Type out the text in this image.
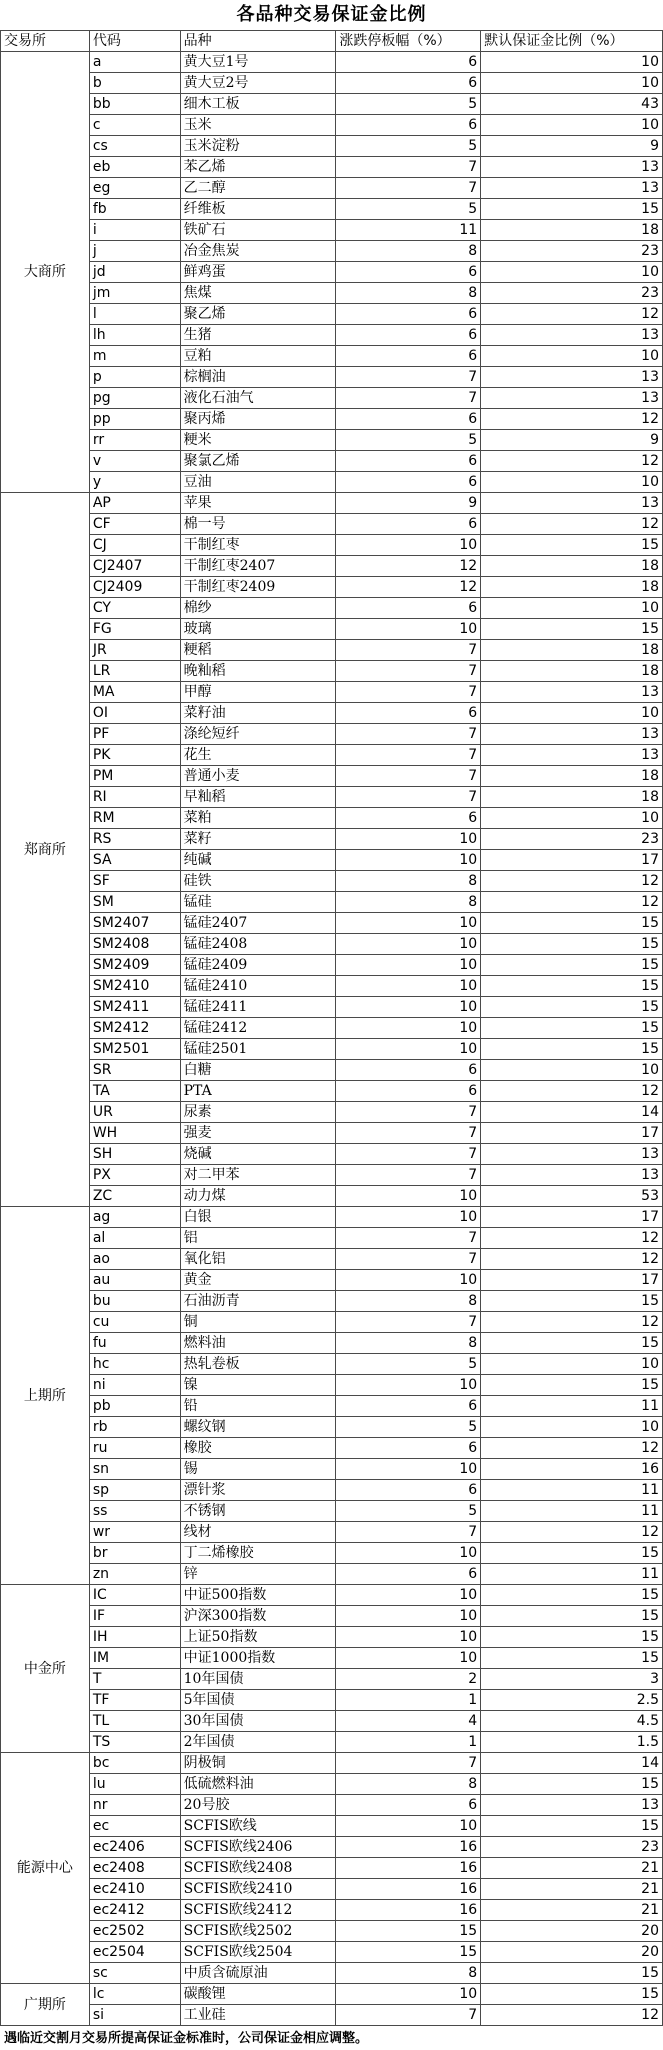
各品种交易保证金比例
交易所	代码	品种	涨跌停板幅（%）	默认保证金比例（%）
大商所	a	黄大豆1号	6	10
	b	黄大豆2号	6	10
	bb	细木工板	5	43
	c	玉米	6	10
	cs	玉米淀粉	5	9
	eb	苯乙烯	7	13
	eg	乙二醇	7	13
	fb	纤维板	5	15
	i	铁矿石	11	18
	j	冶金焦炭	8	23
	jd	鲜鸡蛋	6	10
	jm	焦煤	8	23
	l	聚乙烯	6	12
	lh	生猪	6	13
	m	豆粕	6	10
	p	棕榈油	7	13
	pg	液化石油气	7	13
	pp	聚丙烯	6	12
	rr	粳米	5	9
	v	聚氯乙烯	6	12
	y	豆油	6	10
郑商所	AP	苹果	9	13
	CF	棉一号	6	12
	CJ	干制红枣	10	15
	CJ2407	干制红枣2407	12	18
	CJ2409	干制红枣2409	12	18
	CY	棉纱	6	10
	FG	玻璃	10	15
	JR	粳稻	7	18
	LR	晚籼稻	7	18
	MA	甲醇	7	13
	OI	菜籽油	6	10
	PF	涤纶短纤	7	13
	PK	花生	7	13
	PM	普通小麦	7	18
	RI	早籼稻	7	18
	RM	菜粕	6	10
	RS	菜籽	10	23
	SA	纯碱	10	17
	SF	硅铁	8	12
	SM	锰硅	8	12
	SM2407	锰硅2407	10	15
	SM2408	锰硅2408	10	15
	SM2409	锰硅2409	10	15
	SM2410	锰硅2410	10	15
	SM2411	锰硅2411	10	15
	SM2412	锰硅2412	10	15
	SM2501	锰硅2501	10	15
	SR	白糖	6	10
	TA	PTA	6	12
	UR	尿素	7	14
	WH	强麦	7	17
	SH	烧碱	7	13
	PX	对二甲苯	7	13
	ZC	动力煤	10	53
上期所	ag	白银	10	17
	al	铝	7	12
	ao	氧化铝	7	12
	au	黄金	10	17
	bu	石油沥青	8	15
	cu	铜	7	12
	fu	燃料油	8	15
	hc	热轧卷板	5	10
	ni	镍	10	15
	pb	铅	6	11
	rb	螺纹钢	5	10
	ru	橡胶	6	12
	sn	锡	10	16
	sp	漂针浆	6	11
	ss	不锈钢	5	11
	wr	线材	7	12
	br	丁二烯橡胶	10	15
	zn	锌	6	11
中金所	IC	中证500指数	10	15
	IF	沪深300指数	10	15
	IH	上证50指数	10	15
	IM	中证1000指数	10	15
	T	10年国债	2	3
	TF	5年国债	1	2.5
	TL	30年国债	4	4.5
	TS	2年国债	1	1.5
能源中心	bc	阴极铜	7	14
	lu	低硫燃料油	8	15
	nr	20号胶	6	13
	ec	SCFIS欧线	10	15
	ec2406	SCFIS欧线2406	16	23
	ec2408	SCFIS欧线2408	16	21
	ec2410	SCFIS欧线2410	16	21
	ec2412	SCFIS欧线2412	16	21
	ec2502	SCFIS欧线2502	15	20
	ec2504	SCFIS欧线2504	15	20
	sc	中质含硫原油	8	15
广期所	lc	碳酸锂	10	15
	si	工业硅	7	12
遇临近交割月交易所提高保证金标准时，公司保证金相应调整。
